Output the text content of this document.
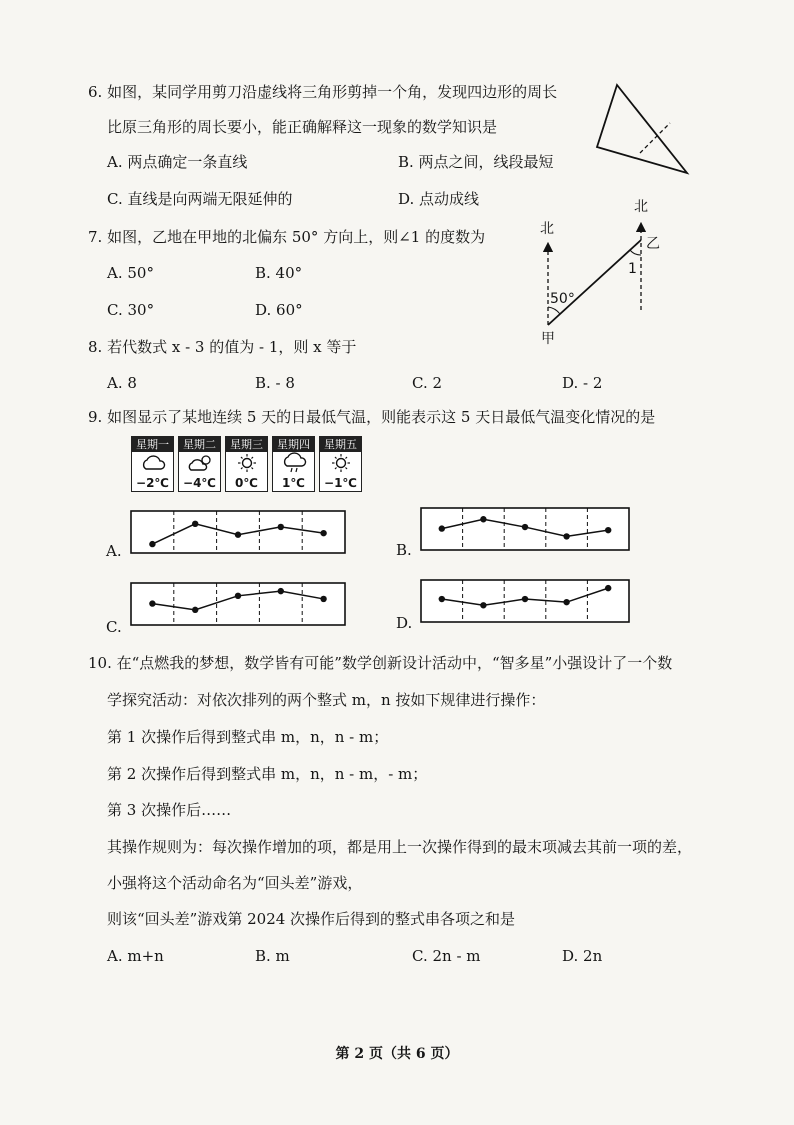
6. 如图，某同学用剪刀沿虚线将三角形剪掉一个角，发现四边形的周长
比原三角形的周长要小，能正确解释这一现象的数学知识是
A. 两点确定一条直线	B. 两点之间，线段最短
C. 直线是向两端无限延伸的	D. 点动成线
7. 如图，乙地在甲地的北偏东 50° 方向上，则∠1 的度数为
A. 50°	B. 40°
C. 30°	D. 60°
北
北
甲
乙
50°
1
8. 若代数式 x - 3 的值为 - 1，则 x 等于
A. 8	B. - 8	C. 2	D. - 2
9. 如图显示了某地连续 5 天的日最低气温，则能表示这 5 天日最低气温变化情况的是
星期一
−2℃
星期二
−4℃
星期三
0℃
星期四
1℃
星期五
−1℃
A.	B.
C.	D.
10. 在“点燃我的梦想，数学皆有可能”数学创新设计活动中，“智多星”小强设计了一个数
学探究活动：对依次排列的两个整式 m，n 按如下规律进行操作：
第 1 次操作后得到整式串 m，n，n - m；
第 2 次操作后得到整式串 m，n，n - m，- m；
第 3 次操作后……
其操作规则为：每次操作增加的项，都是用上一次操作得到的最末项减去其前一项的差，
小强将这个活动命名为“回头差”游戏，
则该“回头差”游戏第 2024 次操作后得到的整式串各项之和是
A. m+n	B. m	C. 2n - m	D. 2n
第 2 页（共 6 页）
